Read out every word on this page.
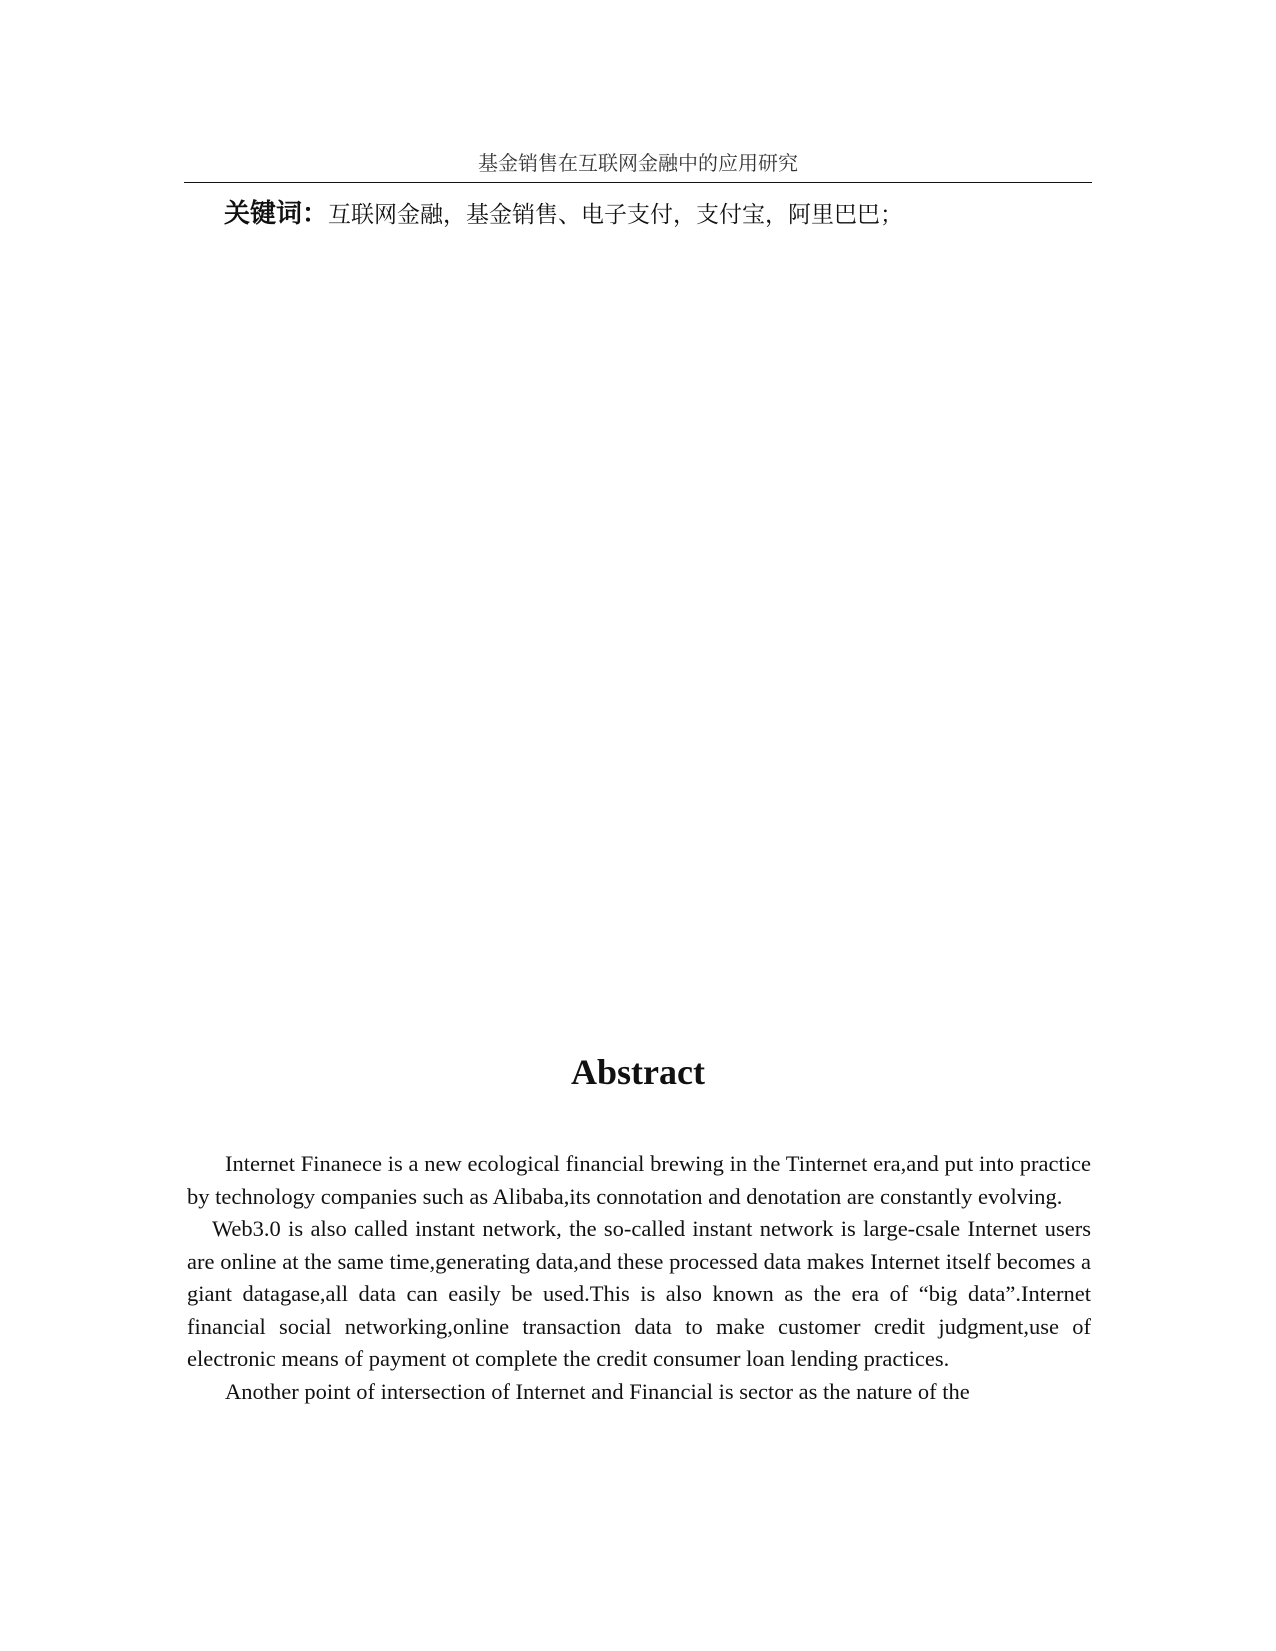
基金销售在互联网金融中的应用研究
关键词：互联网金融，基金销售、电子支付，支付宝，阿里巴巴；
Abstract

Internet Finanece is a new ecological financial brewing in the Tinternet era,and put into practice by technology companies such as Alibaba,its connotation and denotation are constantly evolving.

Web3.0 is also called instant network, the so-called instant network is large-csale Internet users are online at the same time,generating data,and these processed data makes Internet itself becomes a giant datagase,all data can easily be used.This is also known as the era of “big data”.Internet financial social networking,online transaction data to make customer credit judgment,use of electronic means of payment ot complete the credit consumer loan lending practices.

Another point of intersection of Internet and Financial is sector as the nature of the
